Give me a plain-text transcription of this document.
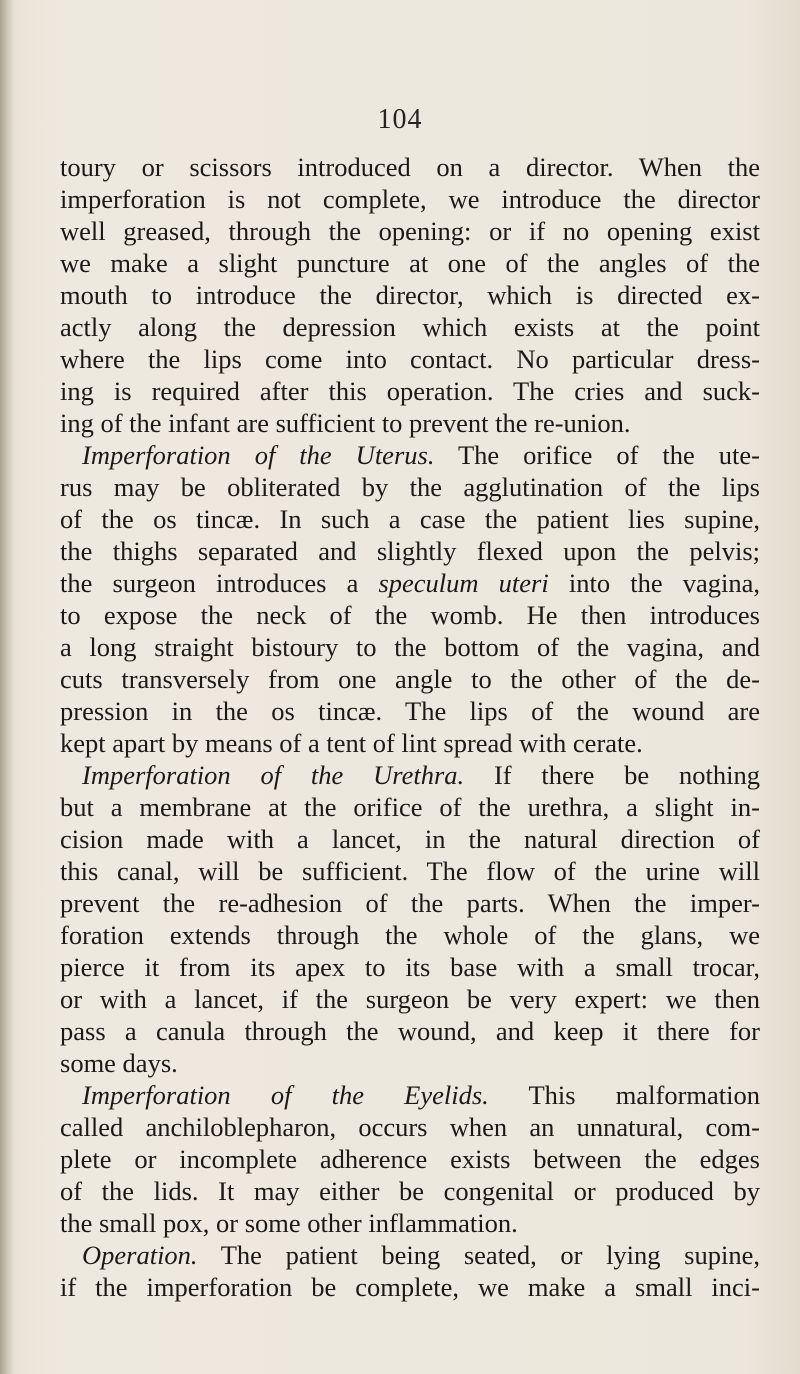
104
toury or scissors introduced on a director. When the
imperforation is not complete, we introduce the director
well greased, through the opening: or if no opening exist
we make a slight puncture at one of the angles of the
mouth to introduce the director, which is directed ex-
actly along the depression which exists at the point
where the lips come into contact. No particular dress-
ing is required after this operation. The cries and suck-
ing of the infant are sufficient to prevent the re-union.
Imperforation of the Uterus. The orifice of the ute-
rus may be obliterated by the agglutination of the lips
of the os tincæ. In such a case the patient lies supine,
the thighs separated and slightly flexed upon the pelvis;
the surgeon introduces a speculum uteri into the vagina,
to expose the neck of the womb. He then introduces
a long straight bistoury to the bottom of the vagina, and
cuts transversely from one angle to the other of the de-
pression in the os tincæ. The lips of the wound are
kept apart by means of a tent of lint spread with cerate.
Imperforation of the Urethra. If there be nothing
but a membrane at the orifice of the urethra, a slight in-
cision made with a lancet, in the natural direction of
this canal, will be sufficient. The flow of the urine will
prevent the re-adhesion of the parts. When the imper-
foration extends through the whole of the glans, we
pierce it from its apex to its base with a small trocar,
or with a lancet, if the surgeon be very expert: we then
pass a canula through the wound, and keep it there for
some days.
Imperforation of the Eyelids. This malformation
called anchiloblepharon, occurs when an unnatural, com-
plete or incomplete adherence exists between the edges
of the lids. It may either be congenital or produced by
the small pox, or some other inflammation.
Operation. The patient being seated, or lying supine,
if the imperforation be complete, we make a small inci-
